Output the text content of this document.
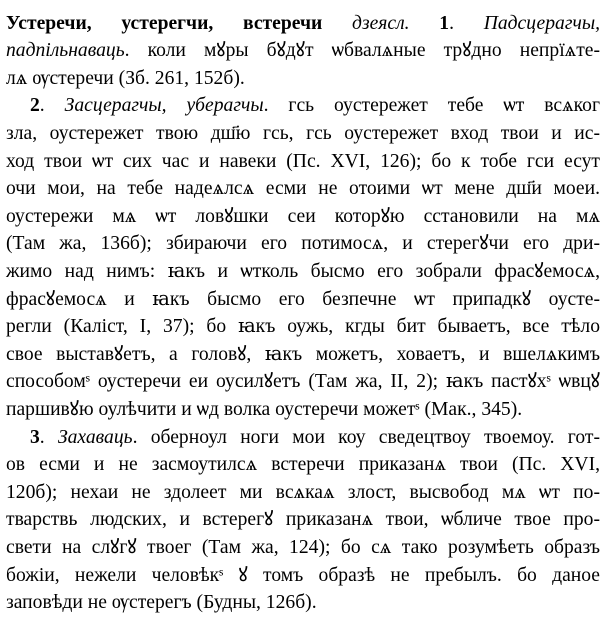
Устеречи, устерегчи, встеречи дзеясл. 1. Падсцерагчы,
падпільнаваць. коли мꙋры бꙋдꙋт ѡбвалѧные трꙋдно непрїѧте-
лѧ ѹстеречи (Зб. 261, 152б).
2. Засцерагчы, уберагчы. гсь оустережет тебе ѡт всѧког
зла, оустережет твою дш҃ю гсь, гсь оустережет вход твои и ис-
ход твои ѡт сих час и навеки (Пс. XVI, 126); бо к тобе гси есут
очи мои, на тебе надеѧлсѧ есми не отоими ѡт мене дш҃и моеи.
оустережи мѧ ѡт ловꙋшки сеи которꙋю сстановили на мѧ
(Там жа, 136б); збираючи его потимосѧ, и стерегꙋчи его дри-
жимо над нимъ: ꙗкъ и ѡтколь бысмо его зобрали фрасꙋемосѧ,
фрасꙋемосѧ и ꙗкъ бысмо его безпечне ѡт припадкꙋ оусте-
регли (Каліст, I, 37); бо ꙗкъ оужь, кгды бит бываетъ, все тѣло
свое выставꙋетъ, а головꙋ, ꙗкъ можетъ, ховаетъ, и вшелѧкимъ
способомˢ оустеречи еи оусилꙋетъ (Там жа, II, 2); ꙗкъ пастꙋхˢ ѡвцꙋ
паршивꙋю оулѣчити и ѡд волка оустеречи можетˢ (Мак., 345).
3. Захаваць. оберноул ноги мои коу сведецтвоу твоемоу. гот-
ов есми и не засмоутилсѧ встеречи приказанѧ твои (Пс. XVI,
120б); нехаи не здолеет ми всѧкаѧ злост, высвобод мѧ ѡт по-
тварствь людских, и встерегꙋ приказанѧ твои, ѡбличе твое про-
свети на слꙋгꙋ твоег (Там жа, 124); бо сѧ тако розумѣеть образъ
божіи, нежели человѣкˢ ꙋ томъ образѣ не пребылъ. бо даное
заповѣди не ѹстерегъ (Будны, 126б).
